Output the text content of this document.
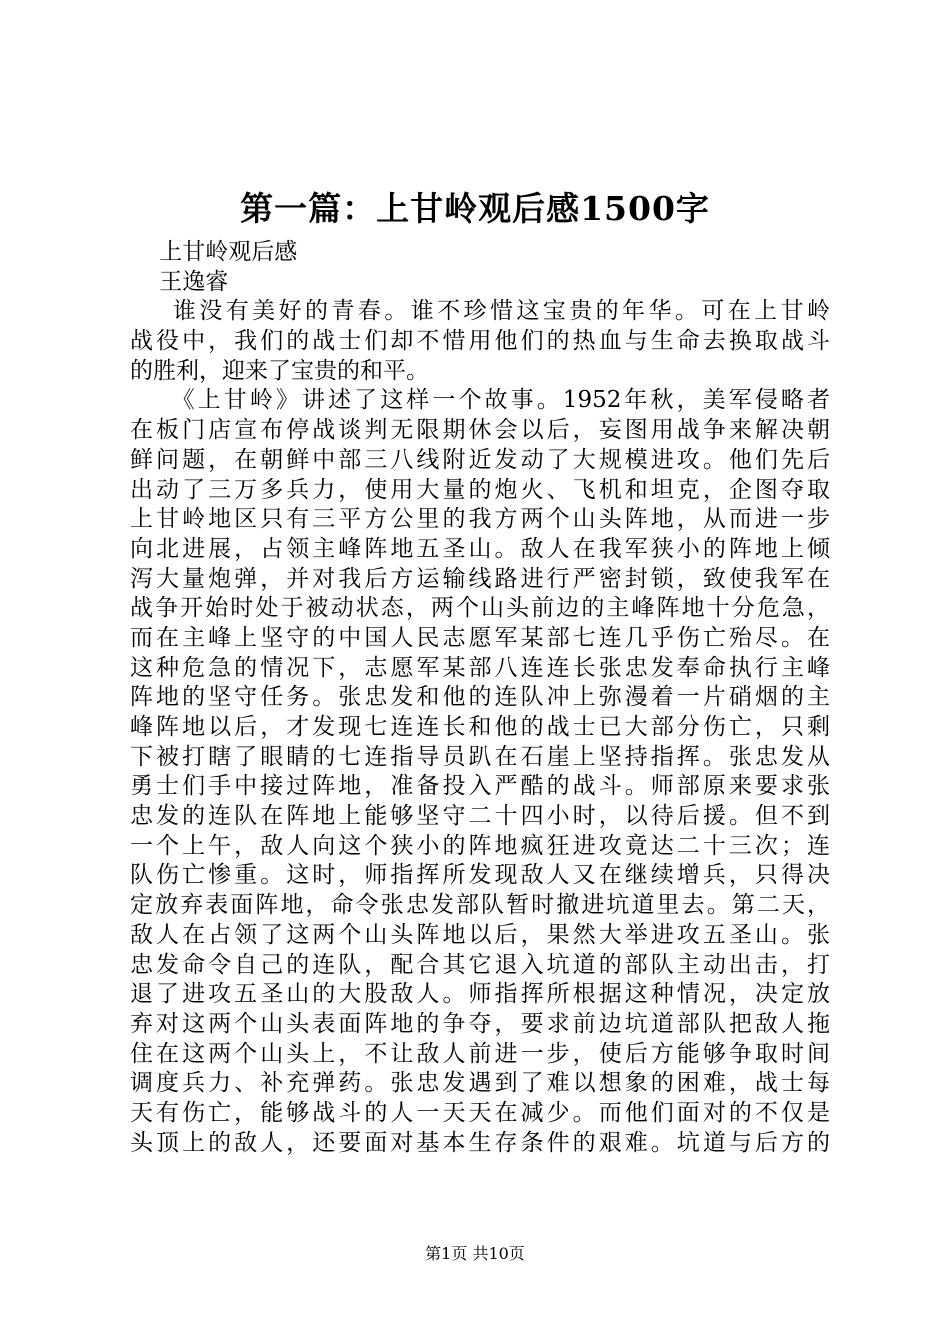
第一篇：上甘岭观后感1500字
上甘岭观后感
王逸睿
谁没有美好的青春。谁不珍惜这宝贵的年华。可在上甘岭
战役中，我们的战士们却不惜用他们的热血与生命去换取战斗
的胜利，迎来了宝贵的和平。
《上甘岭》讲述了这样一个故事。1952年秋，美军侵略者
在板门店宣布停战谈判无限期休会以后，妄图用战争来解决朝
鲜问题，在朝鲜中部三八线附近发动了大规模进攻。他们先后
出动了三万多兵力，使用大量的炮火、飞机和坦克，企图夺取
上甘岭地区只有三平方公里的我方两个山头阵地，从而进一步
向北进展，占领主峰阵地五圣山。敌人在我军狭小的阵地上倾
泻大量炮弹，并对我后方运输线路进行严密封锁，致使我军在
战争开始时处于被动状态，两个山头前边的主峰阵地十分危急，
而在主峰上坚守的中国人民志愿军某部七连几乎伤亡殆尽。在
这种危急的情况下，志愿军某部八连连长张忠发奉命执行主峰
阵地的坚守任务。张忠发和他的连队冲上弥漫着一片硝烟的主
峰阵地以后，才发现七连连长和他的战士已大部分伤亡，只剩
下被打瞎了眼睛的七连指导员趴在石崖上坚持指挥。张忠发从
勇士们手中接过阵地，准备投入严酷的战斗。师部原来要求张
忠发的连队在阵地上能够坚守二十四小时，以待后援。但不到
一个上午，敌人向这个狭小的阵地疯狂进攻竟达二十三次；连
队伤亡惨重。这时，师指挥所发现敌人又在继续增兵，只得决
定放弃表面阵地，命令张忠发部队暂时撤进坑道里去。第二天，
敌人在占领了这两个山头阵地以后，果然大举进攻五圣山。张
忠发命令自己的连队，配合其它退入坑道的部队主动出击，打
退了进攻五圣山的大股敌人。师指挥所根据这种情况，决定放
弃对这两个山头表面阵地的争夺，要求前边坑道部队把敌人拖
住在这两个山头上，不让敌人前进一步，使后方能够争取时间
调度兵力、补充弹药。张忠发遇到了难以想象的困难，战士每
天有伤亡，能够战斗的人一天天在减少。而他们面对的不仅是
头顶上的敌人，还要面对基本生存条件的艰难。坑道与后方的
第1页 共10页
